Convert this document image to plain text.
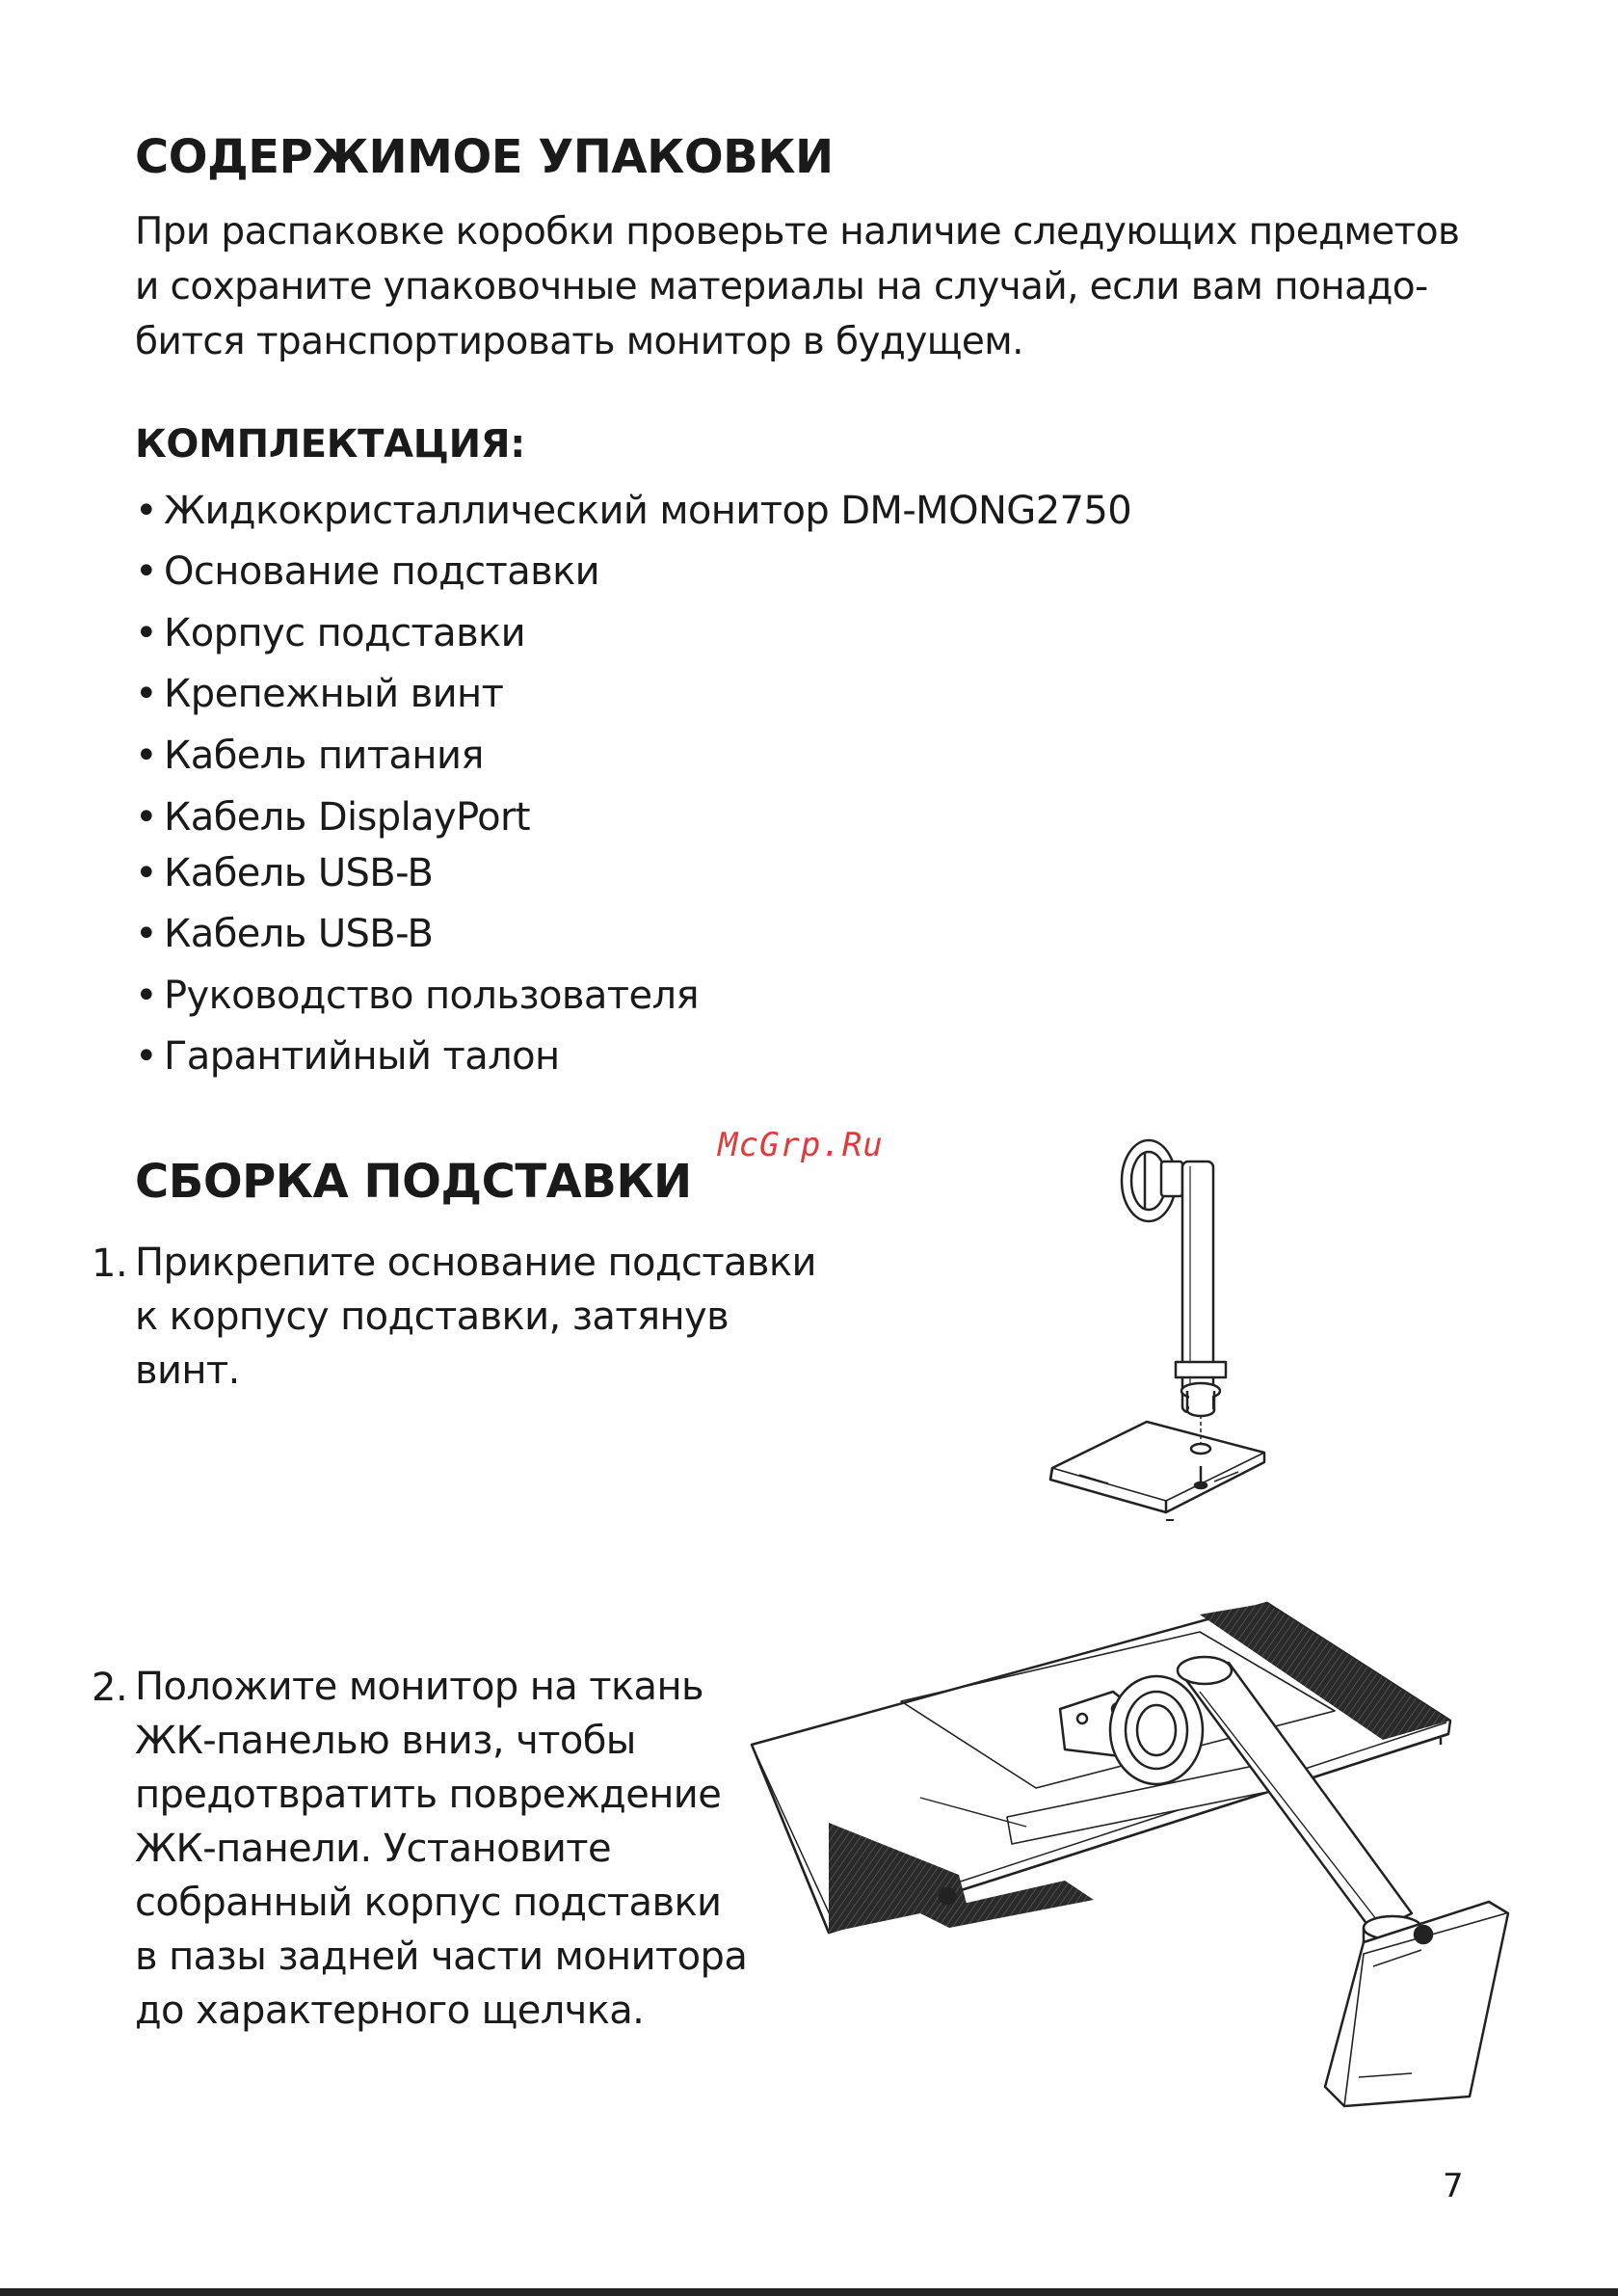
СОДЕРЖИМОЕ УПАКОВКИ

При распаковке коробки проверьте наличие следующих предметов

и сохраните упаковочные материалы на случай, если вам понадо-

бится транспортировать монитор в будущем.

КОМПЛЕКТАЦИЯ:
• Жидкокристаллический монитор DM-MONG2750
• Основание подставки
• Корпус подставки
• Крепежный винт
• Кабель питания
• Кабель DisplayPort
• Кабель USB-B
• Кабель USB-B
• Руководство пользователя
• Гарантийный талон
McGrp.Ru
СБОРКА ПОДСТАВКИ
1. Прикрепите основание подставки
к корпусу подставки, затянув
винт.
2. Положите монитор на ткань
ЖК-панелью вниз, чтобы
предотвратить повреждение
ЖК-панели. Установите
собранный корпус подставки
в пазы задней части монитора
до характерного щелчка.
7
